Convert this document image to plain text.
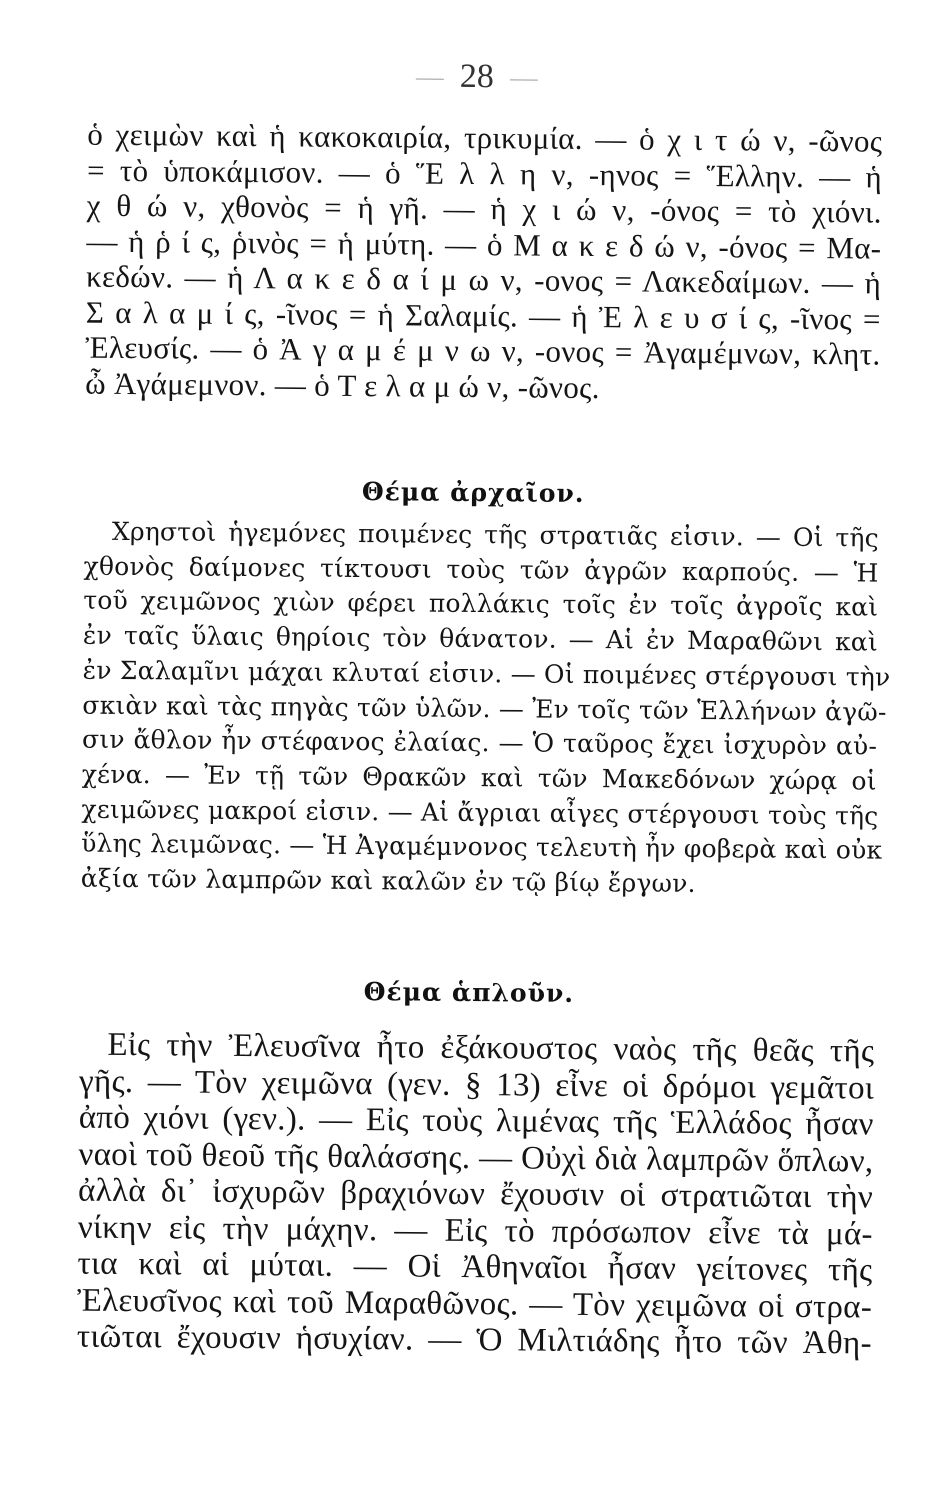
28
ὁ χειμὼν καὶ ἡ κακοκαιρία, τρικυμία. — ὁ χ ι τ ώ ν, -ῶνος
= τὸ ὑποκάμισον. — ὁ Ἕ λ λ η ν, -ηνος = Ἕλλην. — ἡ
χ θ ώ ν, χθονὸς = ἡ γῆ. — ἡ χ ι ώ ν, -όνος = τὸ χιόνι.
— ἡ ῥ ί ς, ῥινὸς = ἡ μύτη. — ὁ Μ α κ ε δ ώ ν, -όνος = Μα-
κεδών. — ἡ Λ α κ ε δ α ί μ ω ν, -ονος = Λακεδαίμων. — ἡ
Σ α λ α μ ί ς, -ῖνος = ἡ Σαλαμίς. — ἡ Ἐ λ ε υ σ ί ς, -ῖνος =
Ἐλευσίς. — ὁ Ἀ γ α μ έ μ ν ω ν, -ονος = Ἀγαμέμνων, κλητ.
ὦ Ἀγάμεμνον. — ὁ Τ ε λ α μ ώ ν, -ῶνος.
Θέμα ἀρχαῖον.
Χρηστοὶ ἡγεμόνες ποιμένες τῆς στρατιᾶς εἰσιν. — Οἱ τῆς
χθονὸς δαίμονες τίκτουσι τοὺς τῶν ἀγρῶν καρπούς. — Ἡ
τοῦ χειμῶνος χιὼν φέρει πολλάκις τοῖς ἐν τοῖς ἀγροῖς καὶ
ἐν ταῖς ὕλαις θηρίοις τὸν θάνατον. — Αἱ ἐν Μαραθῶνι καὶ
ἐν Σαλαμῖνι μάχαι κλυταί εἰσιν. — Οἱ ποιμένες στέργουσι τὴν
σκιὰν καὶ τὰς πηγὰς τῶν ὑλῶν. — Ἐν τοῖς τῶν Ἑλλήνων ἀγῶ-
σιν ἄθλον ἦν στέφανος ἐλαίας. — Ὁ ταῦρος ἔχει ἰσχυρὸν αὐ-
χένα. — Ἐν τῇ τῶν Θρακῶν καὶ τῶν Μακεδόνων χώρᾳ οἱ
χειμῶνες μακροί εἰσιν. — Αἱ ἄγριαι αἶγες στέργουσι τοὺς τῆς
ὕλης λειμῶνας. — Ἡ Ἀγαμέμνονος τελευτὴ ἦν φοβερὰ καὶ οὐκ
ἀξία τῶν λαμπρῶν καὶ καλῶν ἐν τῷ βίῳ ἔργων.
Θέμα ἁπλοῦν.
Εἰς τὴν Ἐλευσῖνα ἦτο ἐξάκουστος ναὸς τῆς θεᾶς τῆς
γῆς. — Τὸν χειμῶνα (γεν. § 13) εἶνε οἱ δρόμοι γεμᾶτοι
ἀπὸ χιόνι (γεν.). — Εἰς τοὺς λιμένας τῆς Ἑλλάδος ἦσαν
ναοὶ τοῦ θεοῦ τῆς θαλάσσης. — Οὐχὶ διὰ λαμπρῶν ὅπλων,
ἀλλὰ δι᾽ ἰσχυρῶν βραχιόνων ἔχουσιν οἱ στρατιῶται τὴν
νίκην εἰς τὴν μάχην. — Εἰς τὸ πρόσωπον εἶνε τὰ μά-
τια καὶ αἱ μύται. — Οἱ Ἀθηναῖοι ἦσαν γείτονες τῆς
Ἐλευσῖνος καὶ τοῦ Μαραθῶνος. — Τὸν χειμῶνα οἱ στρα-
τιῶται ἔχουσιν ἡσυχίαν. — Ὁ Μιλτιάδης ἦτο τῶν Ἀθη-
